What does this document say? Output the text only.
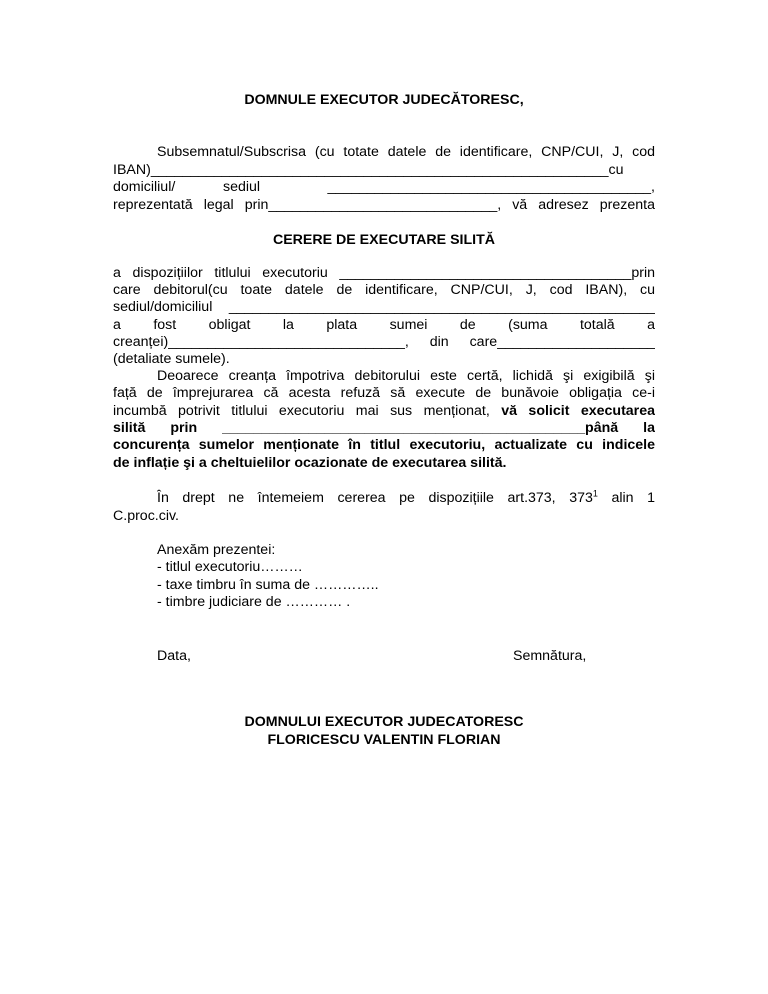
DOMNULE EXECUTOR JUDECĂTORESC,
Subsemnatul/Subscrisa (cu totate datele de identificare, CNP/CUI, J, cod
IBAN)__________________________________________________________cu
domiciliul/	sediul	_________________________________________,
reprezentată legal prin_____________________________, vă adresez prezenta
CERERE DE EXECUTARE SILITĂ
a dispozițiilor titlului executoriu _____________________________________prin
care debitorul(cu toate datele de identificare, CNP/CUI, J, cod IBAN), cu
sediul/domiciliul ______________________________________________________
a fost obligat la plata sumei de (suma totală a
creanței)______________________________, din care____________________
(detaliate sumele).
Deoarece creanța împotriva debitorului este certă, lichidă şi exigibilă şi
față de împrejurarea că acesta refuză să execute de bunăvoie obligația ce-i
incumbă potrivit titlului executoriu mai sus menționat, vă solicit executarea
silită prin ______________________________________________până la
concurența sumelor menționate în titlul executoriu, actualizate cu indicele
de inflație şi a cheltuielilor ocazionate de executarea silită.
În drept ne întemeiem cererea pe dispozițiile art.373, $373^1$ alin 1
C.proc.civ.
Anexăm prezentei:
- titlul executoriu………
- taxe timbru în suma de …………..
- timbre judiciare de ………… .
Data,	Semnătura,
DOMNULUI EXECUTOR JUDECATORESC
FLORICESCU VALENTIN FLORIAN
